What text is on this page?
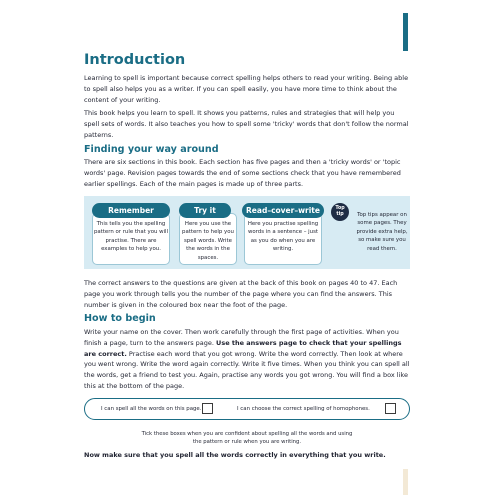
Introduction

Learning to spell is important because correct spelling helps others to read your writing. Being able to spell also helps you as a writer. If you can spell easily, you have more time to think about the content of your writing.

This book helps you learn to spell. It shows you patterns, rules and strategies that will help you spell sets of words. It also teaches you how to spell some 'tricky' words that don't follow the normal patterns.

Finding your way around

There are six sections in this book. Each section has five pages and then a 'tricky words' or 'topic words' page. Revision pages towards the end of some sections check that you have remembered earlier spellings. Each of the main pages is made up of three parts.

This tells you the spelling pattern or rule that you will practise. There are examples to help you.
Remember
Here you use the pattern to help you spell words. Write the words in the spaces.
Try it
Here you practise spelling words in a sentence – just as you do when you are writing.
Read–cover–write	Top tip	Top tips appear on some pages. They provide extra help, so make sure you read them.

The correct answers to the questions are given at the back of this book on pages 40 to 47. Each page you work through tells you the number of the page where you can find the answers. This number is given in the coloured box near the foot of the page.

How to begin

Write your name on the cover. Then work carefully through the first page of activities. When you finish a page, turn to the answers page. Use the answers page to check that your spellings are correct. Practise each word that you got wrong. Write the word correctly. Then look at where you went wrong. Write the word again correctly. Write it five times. When you think you can spell all the words, get a friend to test you. Again, practise any words you got wrong. You will find a box like this at the bottom of the page.

I can spell all the words on this page.	I can choose the correct spelling of homophones.
Tick these boxes when you are confident about spelling all the words and using the pattern or rule when you are writing.
Now make sure that you spell all the words correctly in everything that you write.
